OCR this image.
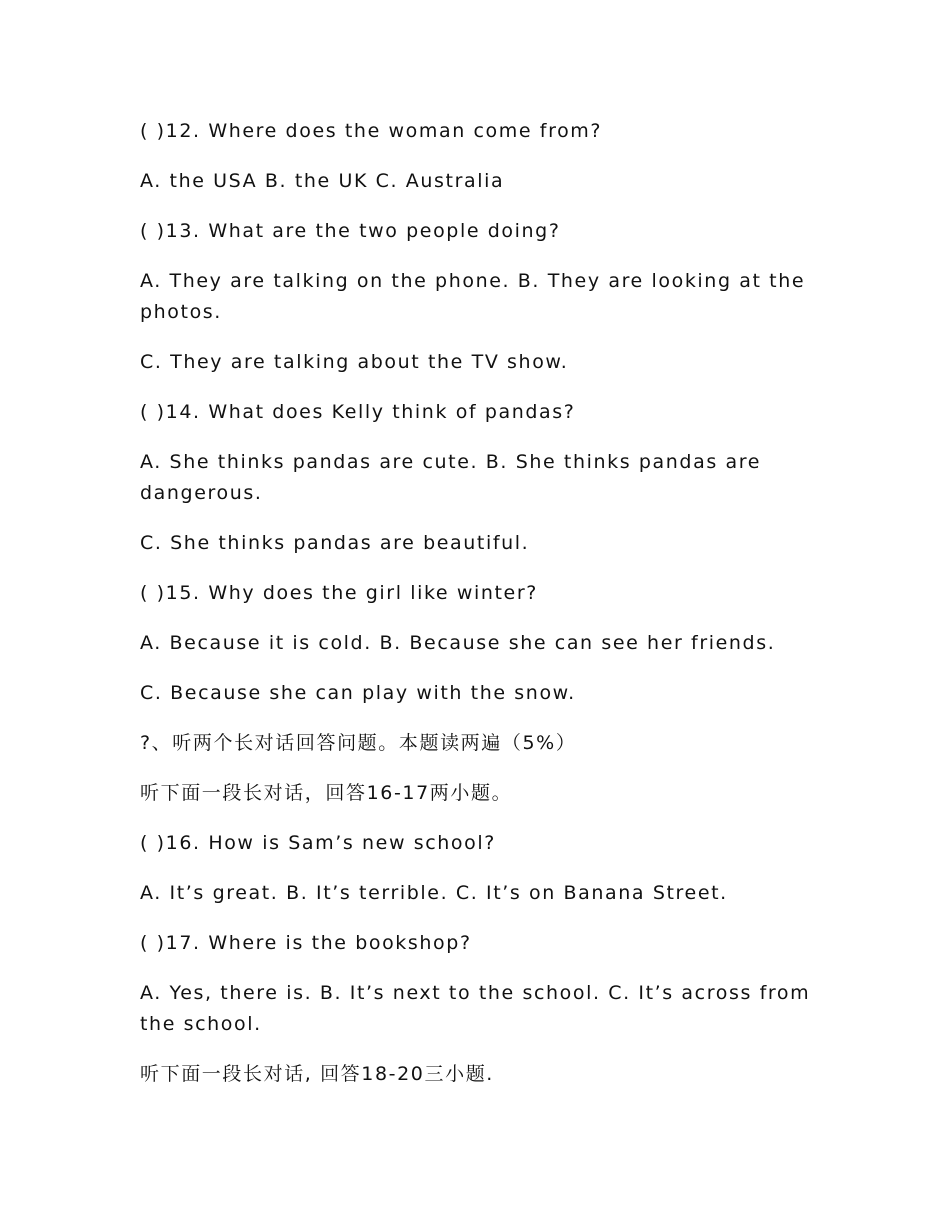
( )12. Where does the woman come from?

A. the USA B. the UK C. Australia

( )13. What are the two people doing?

A. They are talking on the phone. B. They are looking at the photos.

C. They are talking about the TV show.

( )14. What does Kelly think of pandas?

A. She thinks pandas are cute. B. She thinks pandas are dangerous.

C. She thinks pandas are beautiful.

( )15. Why does the girl like winter?

A. Because it is cold. B. Because she can see her friends.

C. Because she can play with the snow.

?、听两个长对话回答问题。本题读两遍（5%）

听下面一段长对话，回答16-17两小题。

( )16. How is Sam’s new school?

A. It’s great. B. It’s terrible. C. It’s on Banana Street.

( )17. Where is the bookshop?

A. Yes, there is. B. It’s next to the school. C. It’s across from the school.

听下面一段长对话, 回答18-20三小题.
